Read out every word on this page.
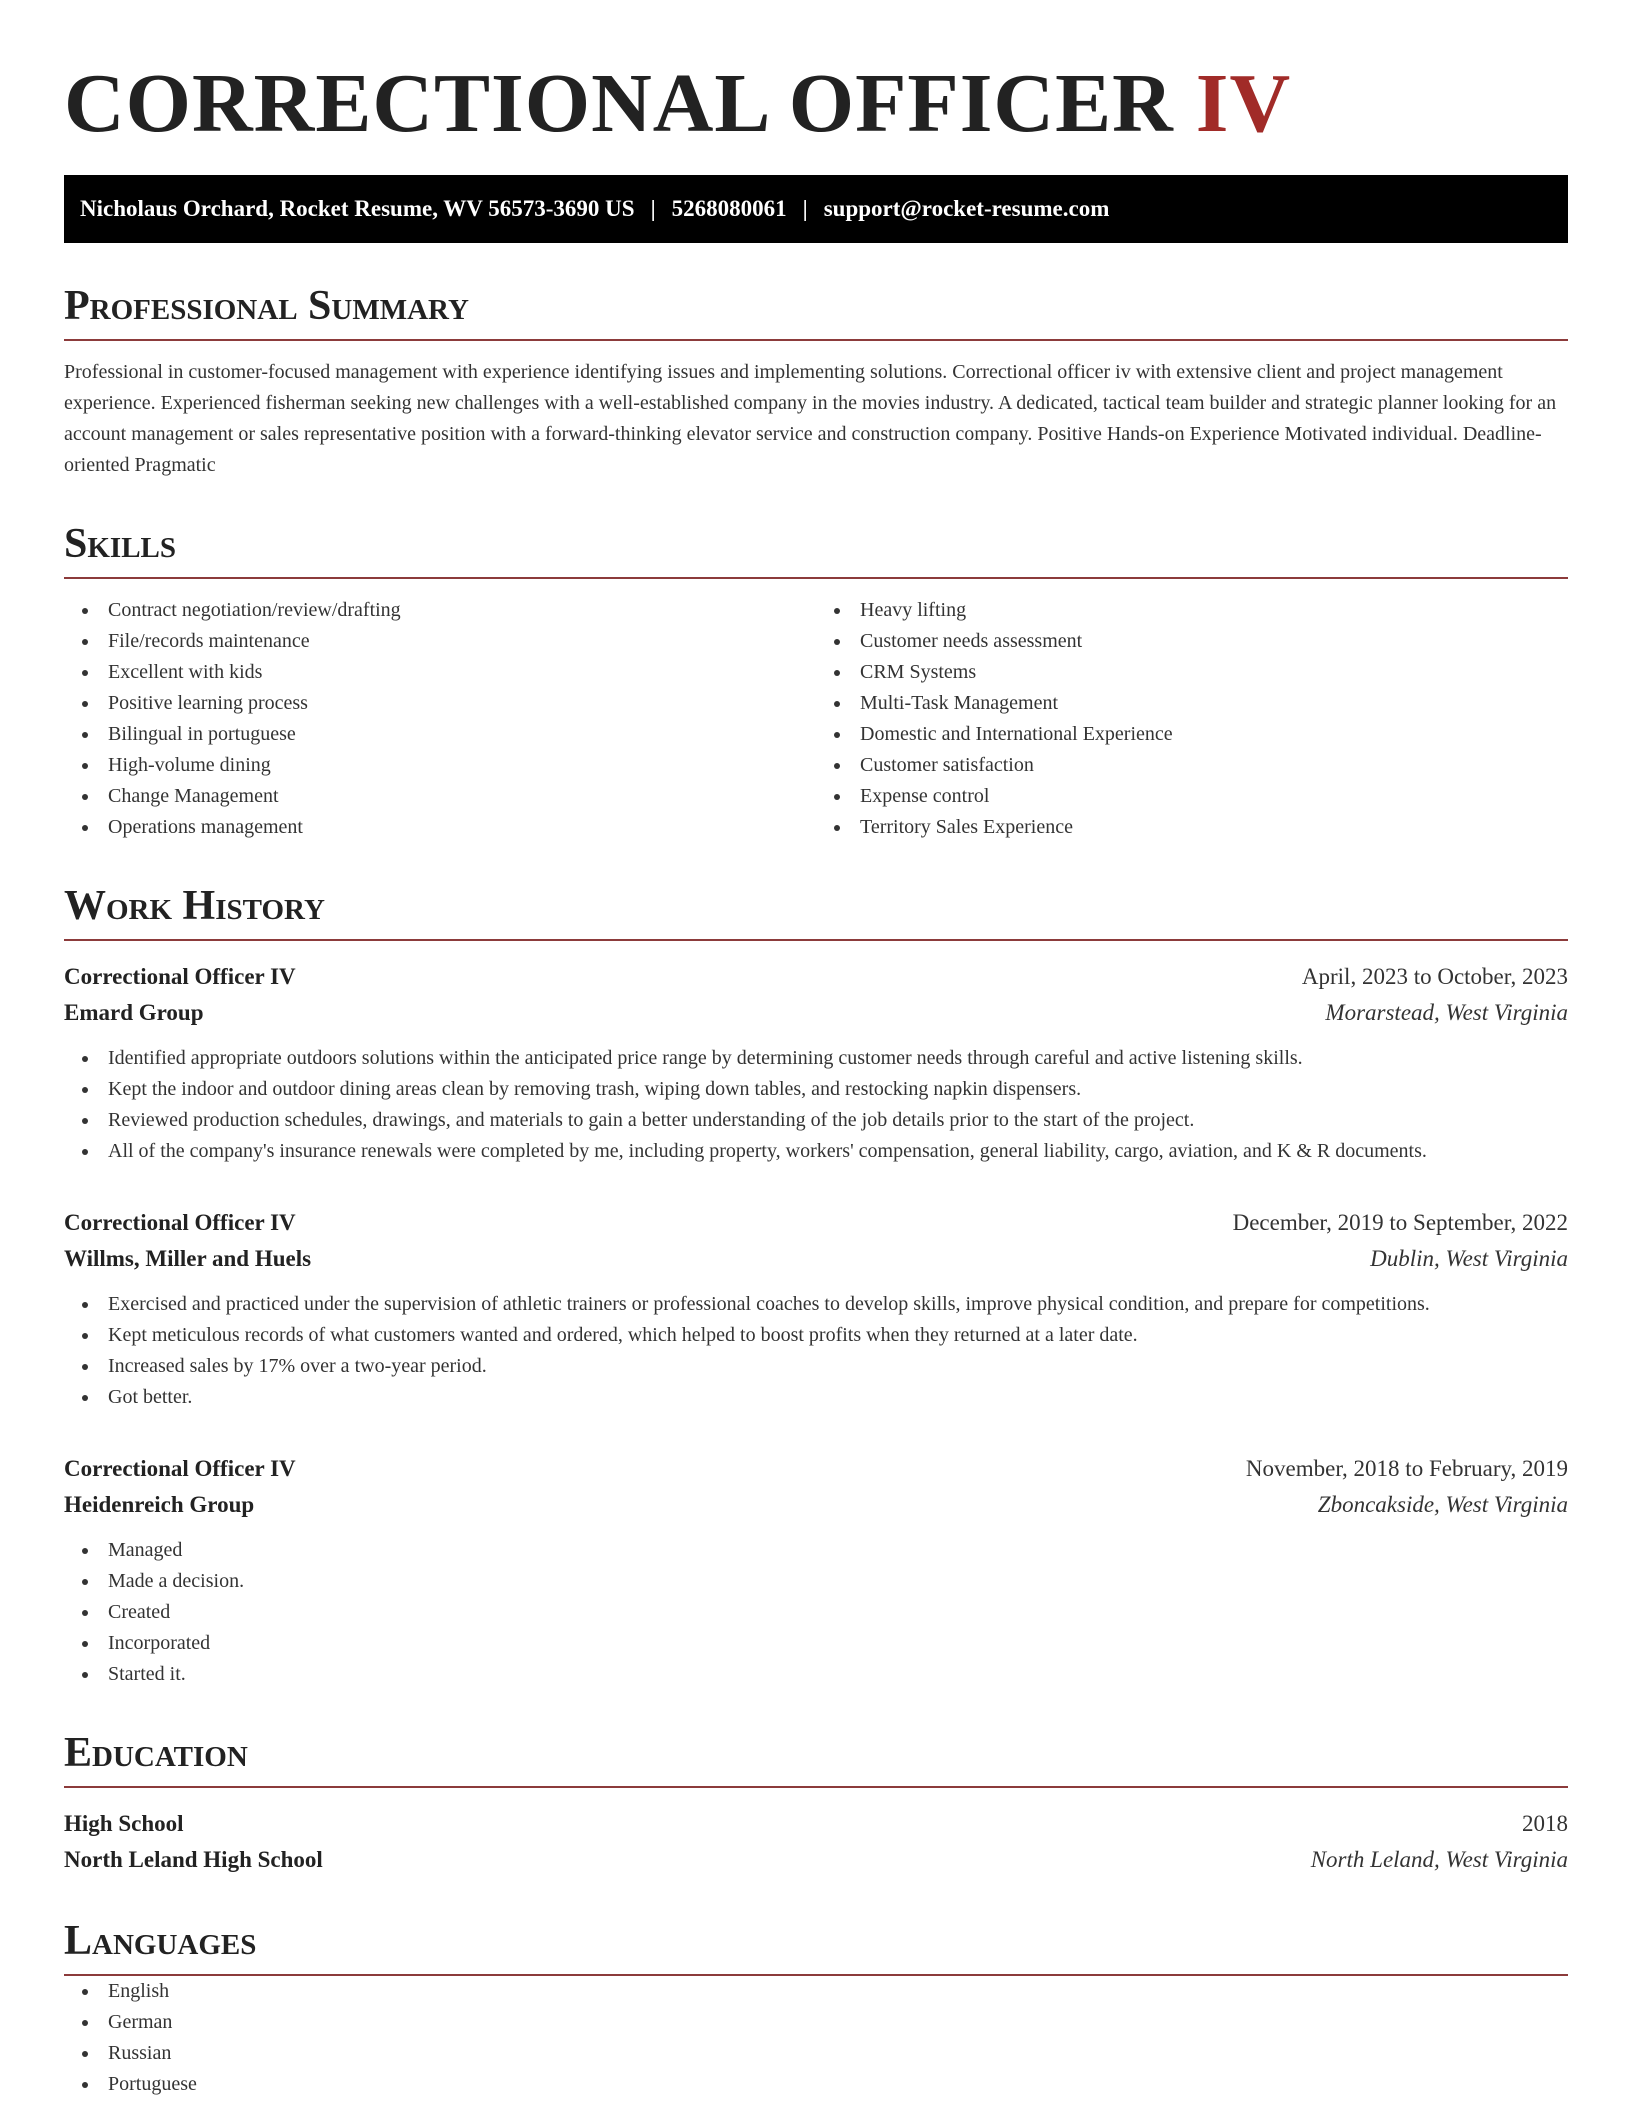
CORRECTIONAL OFFICER IV
Nicholaus Orchard, Rocket Resume, WV 56573-3690 US | 5268080061 | support@rocket-resume.com
Professional Summary

Professional in customer-focused management with experience identifying issues and implementing solutions. Correctional officer iv with extensive client and project management experience. Experienced fisherman seeking new challenges with a well-established company in the movies industry. A dedicated, tactical team builder and strategic planner looking for an account management or sales representative position with a forward-thinking elevator service and construction company. Positive Hands-on Experience Motivated individual. Deadline-oriented Pragmatic

Skills
Contract negotiation/review/drafting
File/records maintenance
Excellent with kids
Positive learning process
Bilingual in portuguese
High-volume dining
Change Management
Operations management
Heavy lifting
Customer needs assessment
CRM Systems
Multi-Task Management
Domestic and International Experience
Customer satisfaction
Expense control
Territory Sales Experience
Work History
Correctional Officer IV	April, 2023 to October, 2023
Emard Group	Morarstead, West Virginia
Identified appropriate outdoors solutions within the anticipated price range by determining customer needs through careful and active listening skills.
Kept the indoor and outdoor dining areas clean by removing trash, wiping down tables, and restocking napkin dispensers.
Reviewed production schedules, drawings, and materials to gain a better understanding of the job details prior to the start of the project.
All of the company's insurance renewals were completed by me, including property, workers' compensation, general liability, cargo, aviation, and K & R documents.
Correctional Officer IV	December, 2019 to September, 2022
Willms, Miller and Huels	Dublin, West Virginia
Exercised and practiced under the supervision of athletic trainers or professional coaches to develop skills, improve physical condition, and prepare for competitions.
Kept meticulous records of what customers wanted and ordered, which helped to boost profits when they returned at a later date.
Increased sales by 17% over a two-year period.
Got better.
Correctional Officer IV	November, 2018 to February, 2019
Heidenreich Group	Zboncakside, West Virginia
Managed
Made a decision.
Created
Incorporated
Started it.
Education
High School	2018
North Leland High School	North Leland, West Virginia
Languages
English
German
Russian
Portuguese
